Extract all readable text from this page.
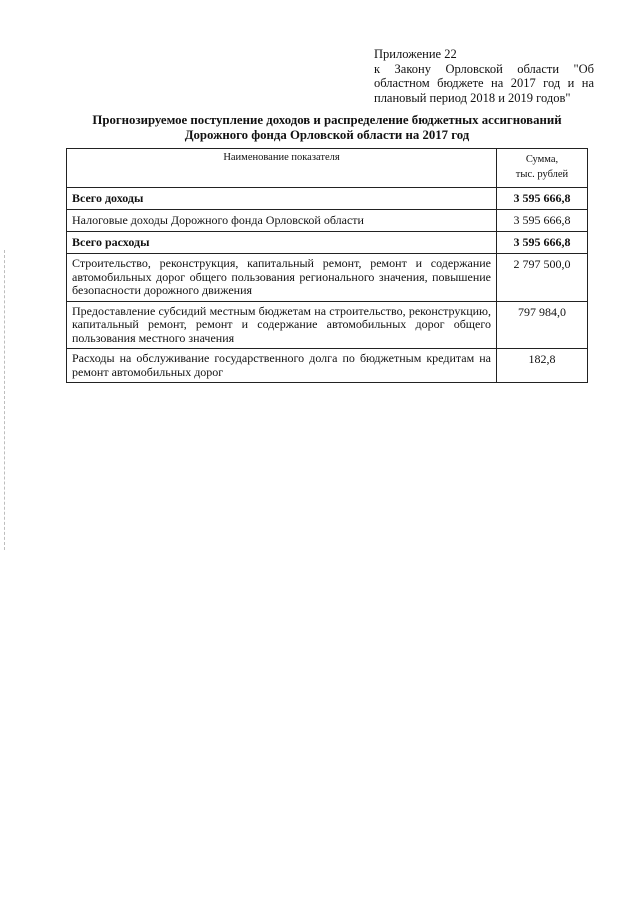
Приложение 22
к Закону Орловской области "Об
областном бюджете на 2017 год и на
плановый период 2018 и 2019 годов"
Прогнозируемое поступление доходов и распределение бюджетных ассигнований
Дорожного фонда Орловской области на 2017 год
Наименование показателя	Сумма,
тыс. рублей

Всего доходы	3 595 666,8
Налоговые доходы Дорожного фонда Орловской области	3 595 666,8
Всего расходы	3 595 666,8
Строительство, реконструкция, капитальный ремонт, ремонт и содержание автомобильных дорог общего пользования регионального значения, повышение безопасности дорожного движения	2 797 500,0
Предоставление субсидий местным бюджетам на строительство, реконструкцию, капитальный ремонт, ремонт и содержание автомобильных дорог общего пользования местного значения	797 984,0
Расходы на обслуживание государственного долга по бюджетным кредитам на ремонт автомобильных дорог	182,8
